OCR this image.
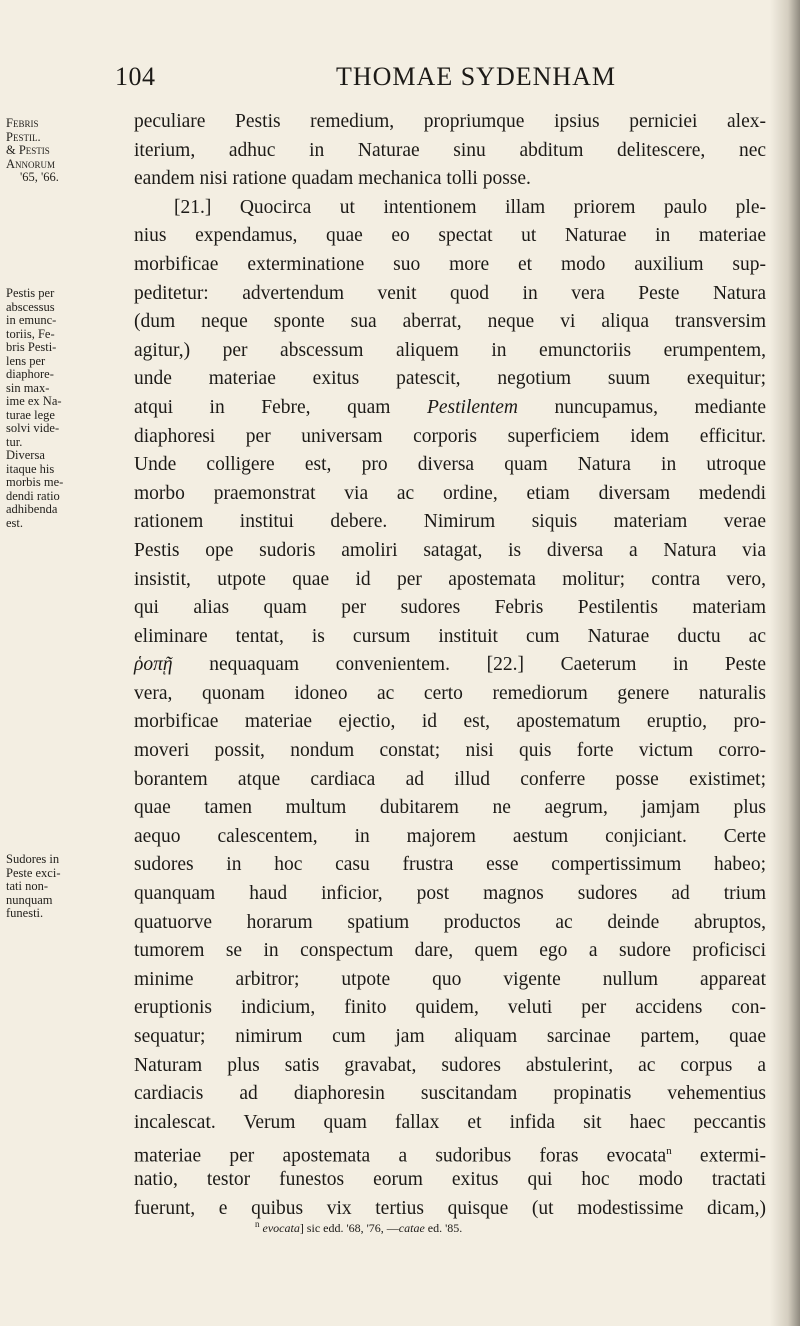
104	THOMAE SYDENHAM
Febris
Pestil.
& Pestis
Annorum
'65, '66.
Pestis per
abscessus
in emunc-
toriis, Fe-
bris Pesti-
lens per
diaphore-
sin max-
ime ex Na-
turae lege
solvi vide-
tur.
Diversa
itaque his
morbis me-
dendi ratio
adhibenda
est.
Sudores in
Peste exci-
tati non-
nunquam
funesti.
peculiare Pestis remedium, propriumque ipsius perniciei alex-
iterium, adhuc in Naturae sinu abditum delitescere, nec
eandem nisi ratione quadam mechanica tolli posse.
[21.] Quocirca ut intentionem illam priorem paulo ple-
nius expendamus, quae eo spectat ut Naturae in materiae
morbificae exterminatione suo more et modo auxilium sup-
peditetur: advertendum venit quod in vera Peste Natura
(dum neque sponte sua aberrat, neque vi aliqua transversim
agitur,) per abscessum aliquem in emunctoriis erumpentem,
unde materiae exitus patescit, negotium suum exequitur;
atqui in Febre, quam Pestilentem nuncupamus, mediante
diaphoresi per universam corporis superficiem idem efficitur.
Unde colligere est, pro diversa quam Natura in utroque
morbo praemonstrat via ac ordine, etiam diversam medendi
rationem institui debere. Nimirum siquis materiam verae
Pestis ope sudoris amoliri satagat, is diversa a Natura via
insistit, utpote quae id per apostemata molitur; contra vero,
qui alias quam per sudores Febris Pestilentis materiam
eliminare tentat, is cursum instituit cum Naturae ductu ac
ῥοπῇ nequaquam convenientem. [22.] Caeterum in Peste
vera, quonam idoneo ac certo remediorum genere naturalis
morbificae materiae ejectio, id est, apostematum eruptio, pro-
moveri possit, nondum constat; nisi quis forte victum corro-
borantem atque cardiaca ad illud conferre posse existimet;
quae tamen multum dubitarem ne aegrum, jamjam plus
aequo calescentem, in majorem aestum conjiciant. Certe
sudores in hoc casu frustra esse compertissimum habeo;
quanquam haud inficior, post magnos sudores ad trium
quatuorve horarum spatium productos ac deinde abruptos,
tumorem se in conspectum dare, quem ego a sudore proficisci
minime arbitror; utpote quo vigente nullum appareat
eruptionis indicium, finito quidem, veluti per accidens con-
sequatur; nimirum cum jam aliquam sarcinae partem, quae
Naturam plus satis gravabat, sudores abstulerint, ac corpus a
cardiacis ad diaphoresin suscitandam propinatis vehementius
incalescat. Verum quam fallax et infida sit haec peccantis
materiae per apostemata a sudoribus foras evocata$^n$ extermi-
natio, testor funestos eorum exitus qui hoc modo tractati
fuerunt, e quibus vix tertius quisque (ut modestissime dicam,)
$^n$ evocata] sic edd. '68, '76, —catae ed. '85.
